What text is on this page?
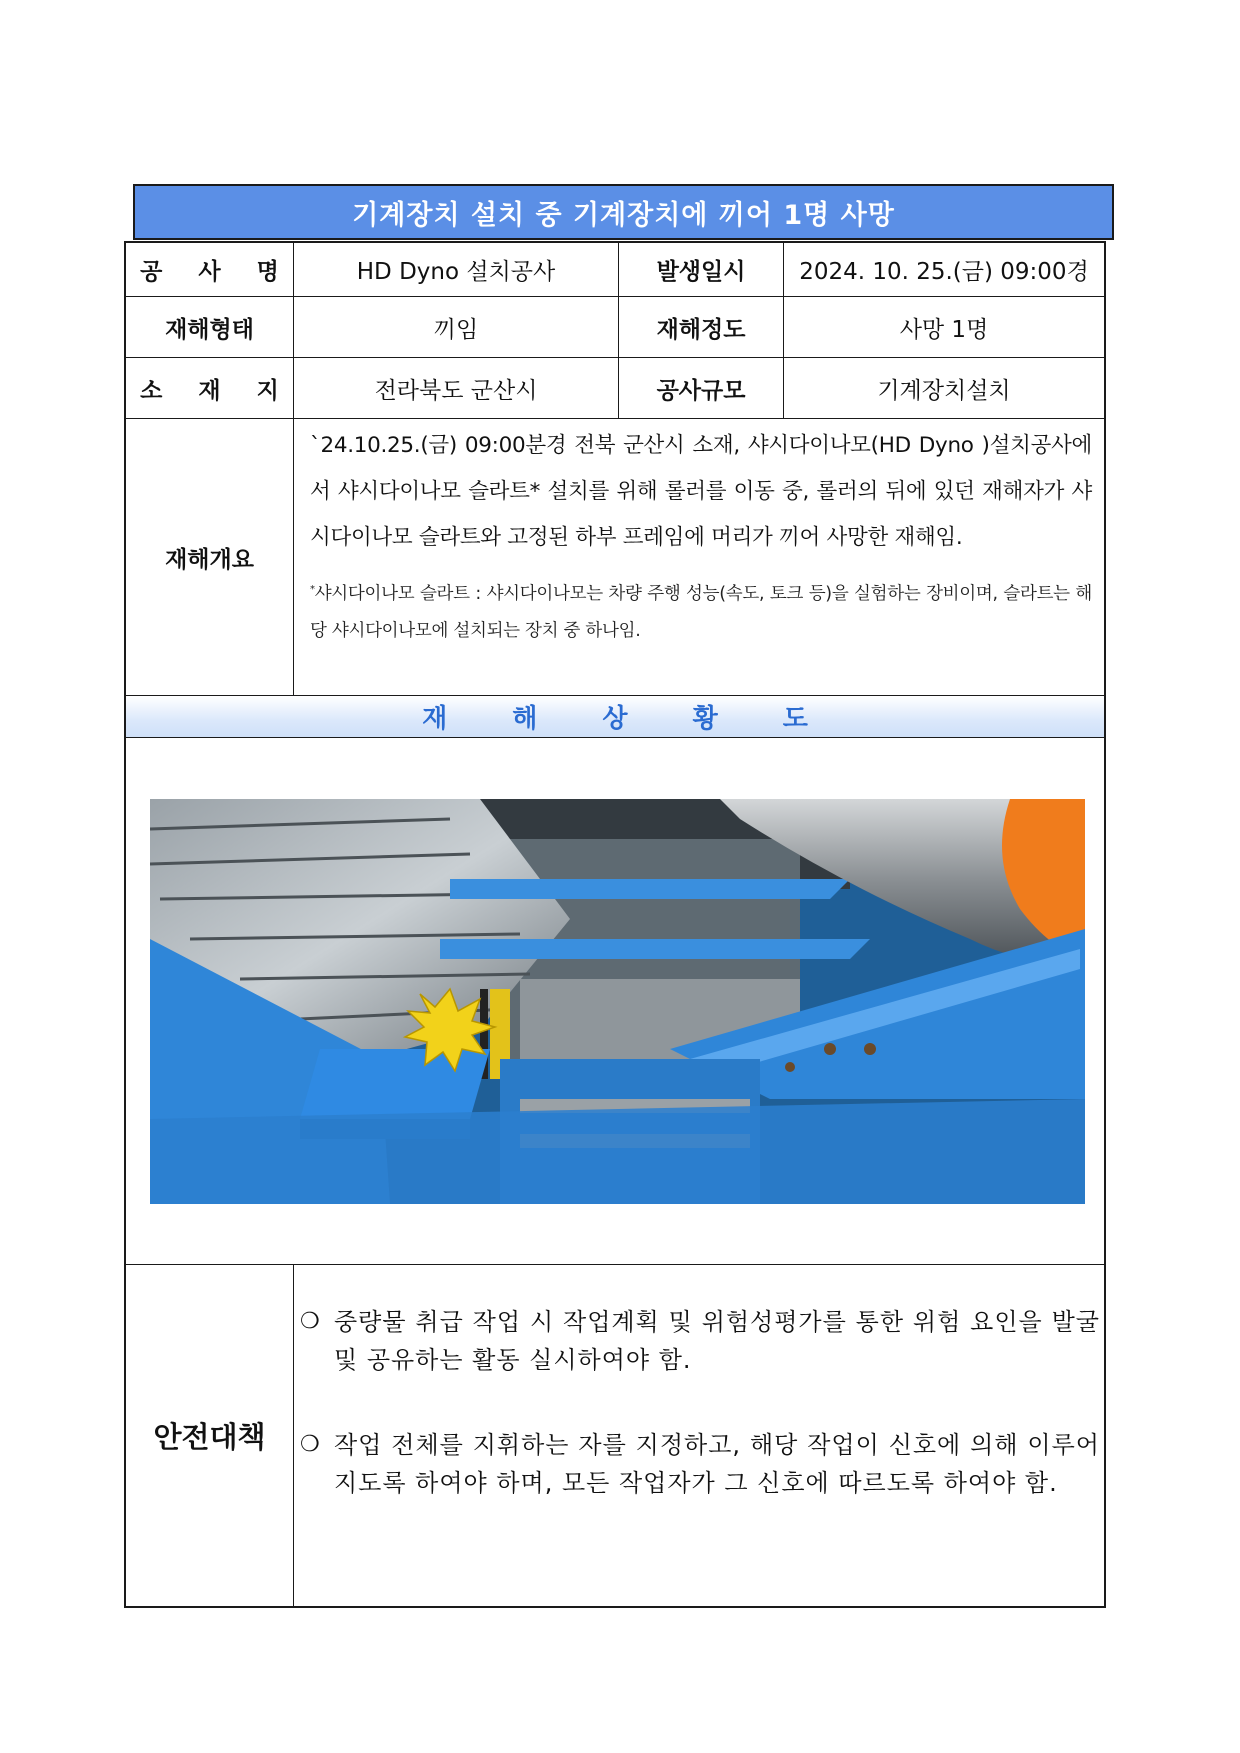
기계장치 설치 중 기계장치에 끼어 1명 사망
공 사 명	HD Dyno 설치공사	발생일시	2024. 10. 25.(금) 09:00경
재해형태	끼임	재해정도	사망 1명
소 재 지	전라북도 군산시	공사규모	기계장치설치
재해개요

`24.10.25.(금) 09:00분경 전북 군산시 소재, 샤시다이나모(HD Dyno )설치공사에서 샤시다이나모 슬라트* 설치를 위해 롤러를 이동 중, 롤러의 뒤에 있던 재해자가 샤시다이나모 슬라트와 고정된 하부 프레임에 머리가 끼어 사망한 재해임.

*샤시다이나모 슬라트 : 샤시다이나모는 차량 주행 성능(속도, 토크 등)을 실험하는 장비이며, 슬라트는 해당 샤시다이나모에 설치되는 장치 중 하나임.

재 해 상 황 도
안전대책
❍ 중량물 취급 작업 시 작업계획 및 위험성평가를 통한 위험 요인을 발굴 및 공유하는 활동 실시하여야 함.
❍ 작업 전체를 지휘하는 자를 지정하고, 해당 작업이 신호에 의해 이루어지도록 하여야 하며, 모든 작업자가 그 신호에 따르도록 하여야 함.
